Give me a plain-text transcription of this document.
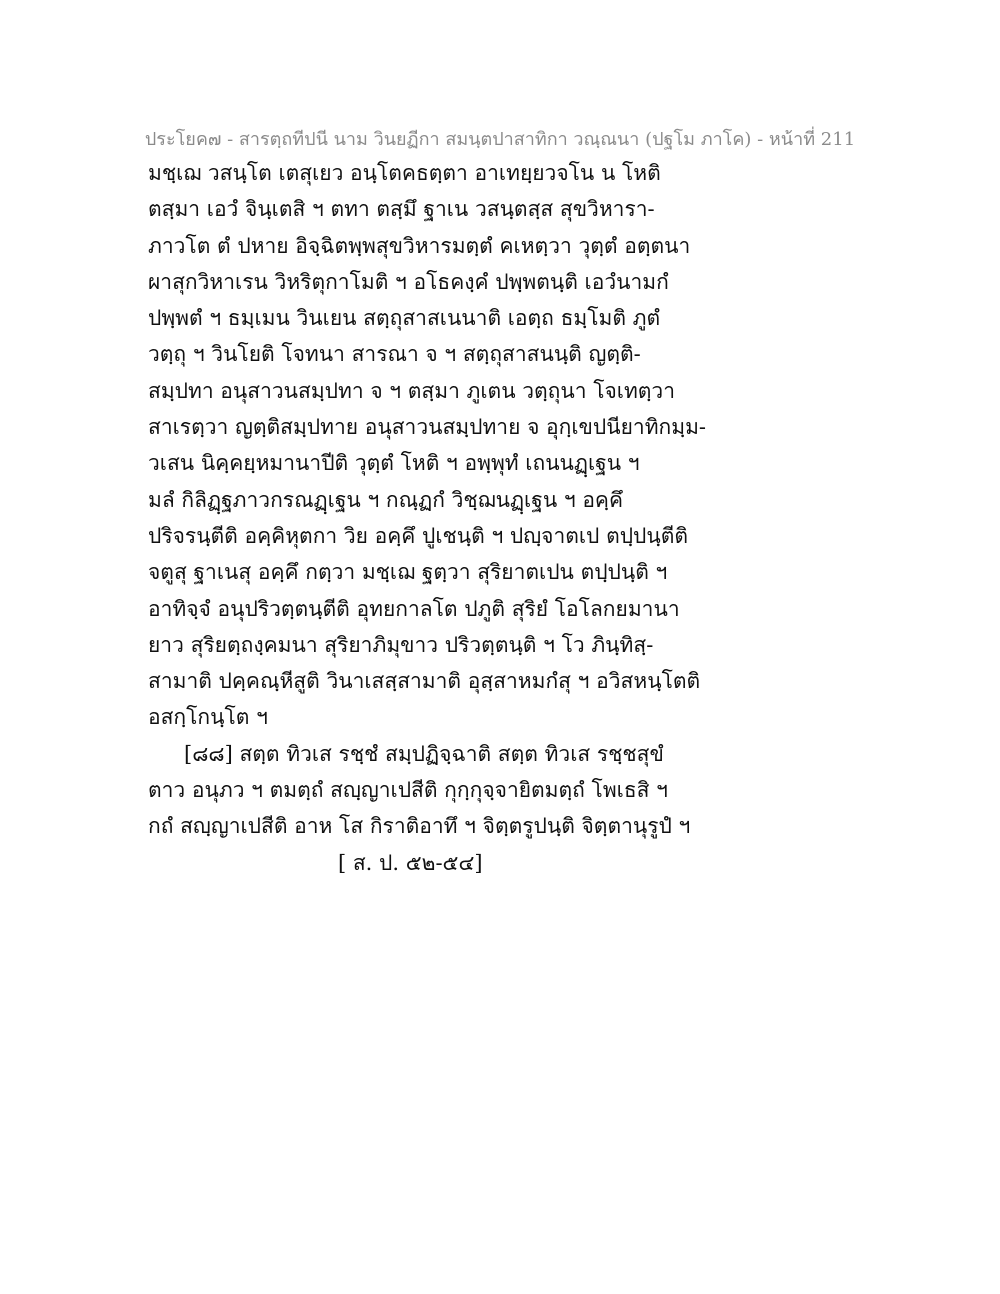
ประโยค๗ - สารตฺถทีปนี นาม วินยฏีกา สมนฺตปาสาทิกา วณฺณนา (ปฐโม ภาโค) - หน้าที่ 211
มชฺเฌ วสนฺโต เตสุเยว อนฺโตคธตฺตา อาเทยฺยวจโน น โหติ
ตสฺมา เอวํ จินฺเตสิ ฯ ตทา ตสฺมึ ฐาเน วสนฺตสฺส สุขวิหารา-
ภาวโต ตํ ปหาย อิจฺฉิตพฺพสุขวิหารมตฺตํ คเหตฺวา วุตฺตํ อตฺตนา
ผาสุกวิหาเรน วิหริตุกาโมติ ฯ อโธคงฺคํ ปพฺพตนฺติ เอวํนามกํ
ปพฺพตํ ฯ ธมฺเมน วินเยน สตฺถุสาสเนนาติ เอตฺถ ธมฺโมติ ภูตํ
วตฺถุ ฯ วินโยติ โจทนา สารณา จ ฯ สตฺถุสาสนนฺติ ญตฺติ-
สมฺปทา อนุสาวนสมฺปทา จ ฯ ตสฺมา ภูเตน วตฺถุนา โจเทตฺวา
สาเรตฺวา ญตฺติสมฺปทาย อนุสาวนสมฺปทาย จ อุกฺเขปนียาทิกมฺม-
วเสน นิคฺคยฺหมานาปีติ วุตฺตํ โหติ ฯ อพฺพุทํ เถนนฏฺเฐน ฯ
มลํ กิลิฏฺฐภาวกรณฏฺเฐน ฯ กณฺฏกํ วิชฺฌนฏฺเฐน ฯ อคฺคึ
ปริจรนฺตีติ อคฺคิหุตกา วิย อคฺคึ ปูเชนฺติ ฯ ปญฺจาตเป ตปฺปนฺตีติ
จตูสุ ฐาเนสุ อคฺคึ กตฺวา มชฺเฌ ฐตฺวา สุริยาตเปน ตปฺปนฺติ ฯ
อาทิจฺจํ อนุปริวตฺตนฺตีติ อุทยกาลโต ปภูติ สุริยํ โอโลกยมานา
ยาว สุริยตฺถงฺคมนา สุริยาภิมุขาว ปริวตฺตนฺติ ฯ โว ภินฺทิสฺ-
สามาติ ปคฺคณฺหีสูติ วินาเสสฺสามาติ อุสฺสาหมกํสุ ฯ อวิสหนฺโตติ
อสกฺโกนฺโต ฯ
[๘๘] สตฺต ทิวเส รชฺชํ สมฺปฏิจฺฉาติ สตฺต ทิวเส รชฺชสุขํ
ตาว อนุภว ฯ ตมตฺถํ สญฺญาเปสีติ กุกฺกุจฺจายิตมตฺถํ โพเธสิ ฯ
กถํ สญฺญาเปสีติ อาห โส กิราติอาทึ ฯ จิตฺตรูปนฺติ จิตฺตานุรูปํ ฯ
[ ส. ป. ๕๒-๕๔]
